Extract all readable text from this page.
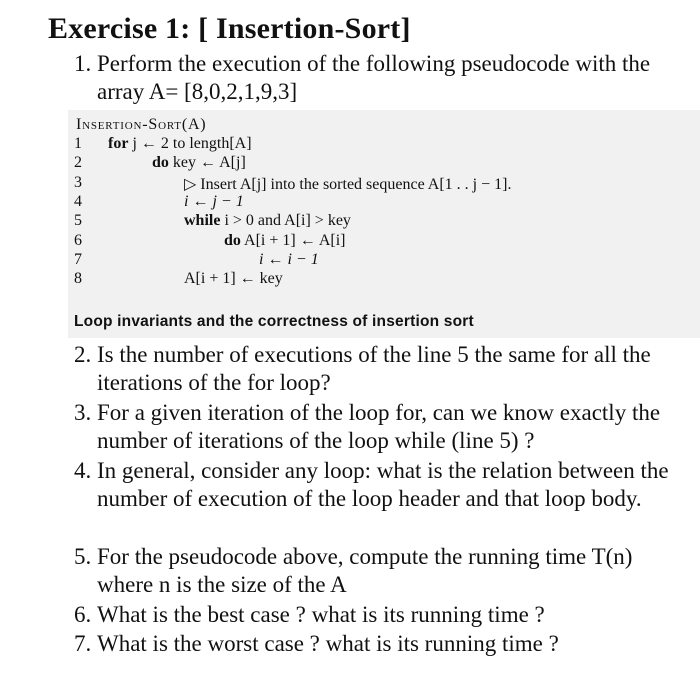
Exercise 1: [ Insertion-Sort]
1. Perform the execution of the following pseudocode with the array A= [8,0,2,1,9,3]
Insertion-Sort(A)
1	for j ← 2 to length[A]
2	do key ← A[j]
3	▷ Insert A[j] into the sorted sequence A[1 . . j − 1].
4	i ← j − 1
5	while i > 0 and A[i] > key
6	do A[i + 1] ← A[i]
7	i ← i − 1
8	A[i + 1] ← key
Loop invariants and the correctness of insertion sort
2. Is the number of executions of the line 5 the same for all the iterations of the for loop?
3. For a given iteration of the loop for, can we know exactly the number of iterations of the loop while (line 5) ?
4. In general, consider any loop: what is the relation between the number of execution of the loop header and that loop body.
5. For the pseudocode above, compute the running time T(n) where n is the size of the A
6. What is the best case ? what is its running time ?
7. What is the worst case ? what is its running time ?
